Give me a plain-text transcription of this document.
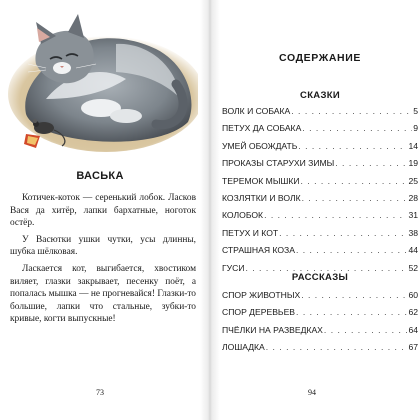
ВАСЬКА

Котичек-коток — серенький лобок. Ласков Вася да хитёр, лапки бархатные, ноготок остёр.

У Васютки ушки чутки, усы длинны, шубка шёлковая.

Ласкается кот, выгибается, хвостиком виляет, глазки закрывает, песенку поёт, а попалась мышка — не прогневайся! Глазки-то большие, лапки что стальные, зубки-то кривые, когти выпускные!

73
СОДЕРЖАНИЕ
СКАЗКИ
ВОЛК И СОБАКА . . .	5
ПЕТУХ ДА СОБАКА . . .	9
УМЕЙ ОБОЖДАТЬ . . .	14
ПРОКАЗЫ СТАРУХИ ЗИМЫ . . .	19
ТЕРЕМОК МЫШКИ . . .	25
КОЗЛЯТКИ И ВОЛК . . .	28
КОЛОБОК . . .	31
ПЕТУХ И КОТ . . .	38
СТРАШНАЯ КОЗА . . .	44
ГУСИ . . .	52
РАССКАЗЫ
СПОР ЖИВОТНЫХ . . .	60
СПОР ДЕРЕВЬЕВ . . .	62
ПЧЁЛКИ НА РАЗВЕДКАХ . . .	64
ЛОШАДКА . . .	67
94
